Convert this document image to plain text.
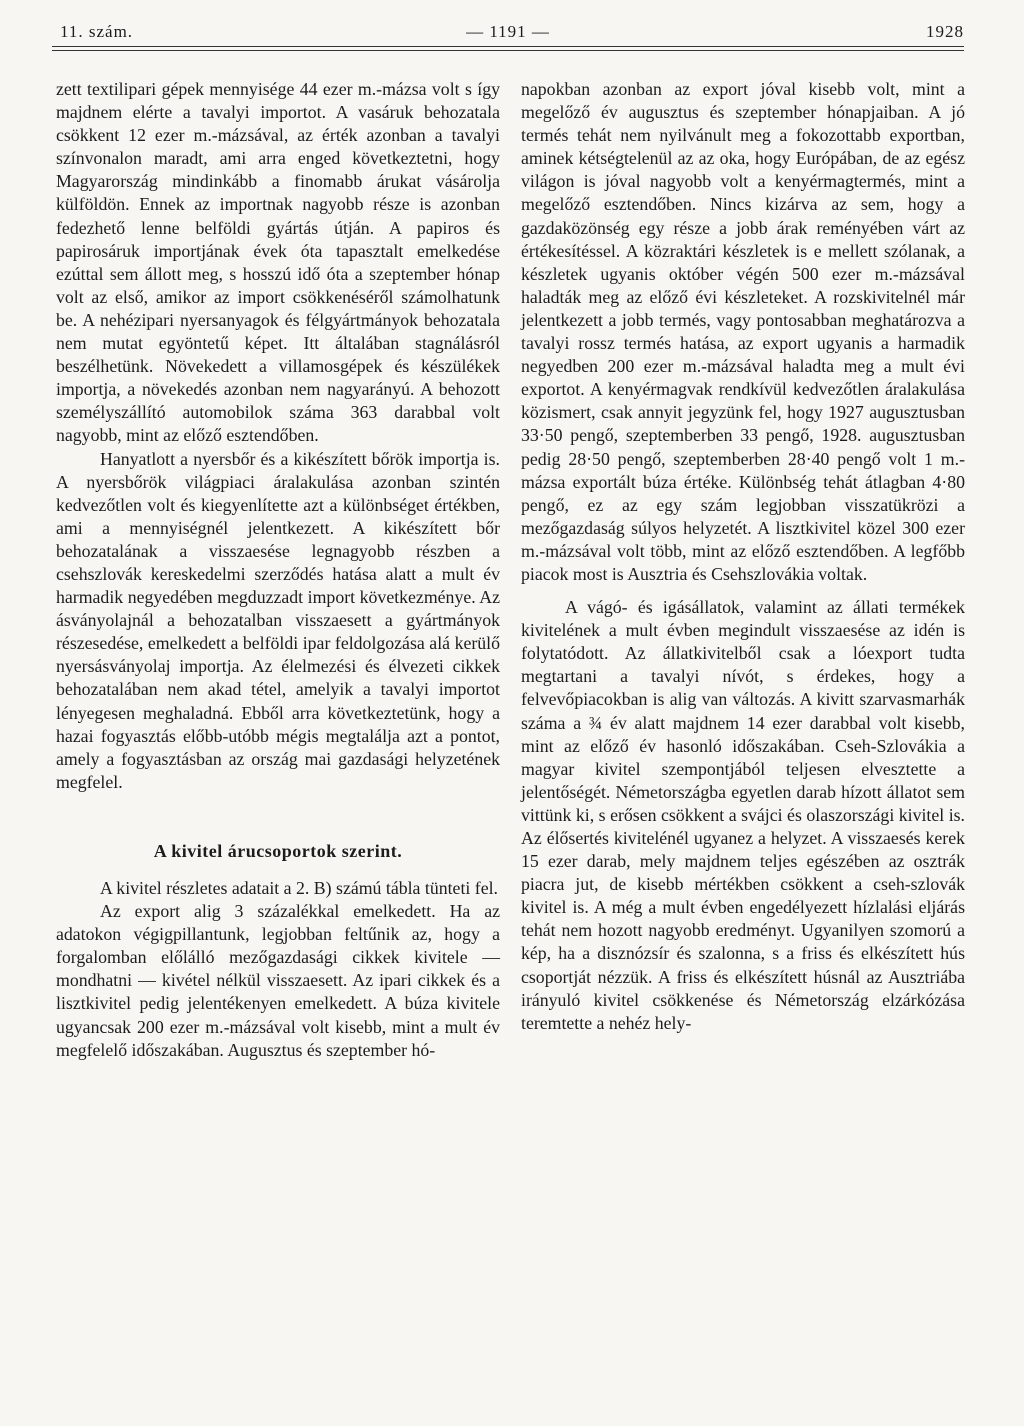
11. szám.	— 1191 —	1928

zett textilipari gépek mennyisége 44 ezer m.-mázsa volt s így majdnem elérte a tavalyi importot. A vasáruk behozatala csökkent 12 ezer m.-mázsával, az érték azonban a tavalyi színvonalon maradt, ami arra enged következtetni, hogy Magyarország mindinkább a finomabb árukat vásárolja külföldön. Ennek az importnak nagyobb része is azonban fedezhető lenne belföldi gyártás útján. A papiros és papirosáruk importjának évek óta tapasztalt emelkedése ezúttal sem állott meg, s hosszú idő óta a szeptember hónap volt az első, amikor az import csökkenéséről számolhatunk be. A nehézipari nyersanyagok és félgyártmányok behozatala nem mutat egyöntetű képet. Itt általában stagnálásról beszélhetünk. Növekedett a villamosgépek és készülékek importja, a növekedés azonban nem nagyarányú. A behozott személyszállító automobilok száma 363 darabbal volt nagyobb, mint az előző esztendőben.

Hanyatlott a nyersbőr és a kikészített bőrök importja is. A nyersbőrök világpiaci áralakulása azonban szintén kedvezőtlen volt és kiegyenlítette azt a különbséget értékben, ami a mennyiségnél jelentkezett. A kikészített bőr behozatalának a visszaesése legnagyobb részben a csehszlovák kereskedelmi szerződés hatása alatt a mult év harmadik negyedében megduzzadt import következménye. Az ásványolajnál a behozatalban visszaesett a gyártmányok részesedése, emelkedett a belföldi ipar feldolgozása alá kerülő nyersásványolaj importja. Az élelmezési és élvezeti cikkek behozatalában nem akad tétel, amelyik a tavalyi importot lényegesen meghaladná. Ebből arra következtetünk, hogy a hazai fogyasztás előbb-utóbb mégis megtalálja azt a pontot, amely a fogyasztásban az ország mai gazdasági helyzetének megfelel.

A kivitel árucsoportok szerint.

A kivitel részletes adatait a 2. B) számú tábla tünteti fel.

Az export alig 3 százalékkal emelkedett. Ha az adatokon végigpillantunk, legjobban feltűnik az, hogy a forgalomban előlálló mezőgazdasági cikkek kivitele — mondhatni — kivétel nélkül visszaesett. Az ipari cikkek és a lisztkivitel pedig jelentékenyen emelkedett. A búza kivitele ugyancsak 200 ezer m.-mázsával volt kisebb, mint a mult év megfelelő időszakában. Augusztus és szeptember hó-

napokban azonban az export jóval kisebb volt, mint a megelőző év augusztus és szeptember hónapjaiban. A jó termés tehát nem nyilvánult meg a fokozottabb exportban, aminek kétségtelenül az az oka, hogy Európában, de az egész világon is jóval nagyobb volt a kenyérmagtermés, mint a megelőző esztendőben. Nincs kizárva az sem, hogy a gazdaközönség egy része a jobb árak reményében várt az értékesítéssel. A közraktári készletek is e mellett szólanak, a készletek ugyanis október végén 500 ezer m.-mázsával haladták meg az előző évi készleteket. A rozskivitelnél már jelentkezett a jobb termés, vagy pontosabban meghatározva a tavalyi rossz termés hatása, az export ugyanis a harmadik negyedben 200 ezer m.-mázsával haladta meg a mult évi exportot. A kenyérmagvak rendkívül kedvezőtlen áralakulása közismert, csak annyit jegyzünk fel, hogy 1927 augusztusban 33·50 pengő, szeptemberben 33 pengő, 1928. augusztusban pedig 28·50 pengő, szeptemberben 28·40 pengő volt 1 m.-mázsa exportált búza értéke. Különbség tehát átlagban 4·80 pengő, ez az egy szám legjobban visszatükrözi a mezőgazdaság súlyos helyzetét. A lisztkivitel közel 300 ezer m.-mázsával volt több, mint az előző esztendőben. A legfőbb piacok most is Ausztria és Csehszlovákia voltak.

A vágó- és igásállatok, valamint az állati termékek kivitelének a mult évben megindult visszaesése az idén is folytatódott. Az állatkivitelből csak a lóexport tudta megtartani a tavalyi nívót, s érdekes, hogy a felvevőpiacokban is alig van változás. A kivitt szarvasmarhák száma a ¾ év alatt majdnem 14 ezer darabbal volt kisebb, mint az előző év hasonló időszakában. Cseh-Szlovákia a magyar kivitel szempontjából teljesen elvesztette a jelentőségét. Németországba egyetlen darab hízott állatot sem vittünk ki, s erősen csökkent a svájci és olaszországi kivitel is. Az élősertés kivitelénél ugyanez a helyzet. A visszaesés kerek 15 ezer darab, mely majdnem teljes egészében az osztrák piacra jut, de kisebb mértékben csökkent a cseh-szlovák kivitel is. A még a mult évben engedélyezett hízlalási eljárás tehát nem hozott nagyobb eredményt. Ugyanilyen szomorú a kép, ha a disznózsír és szalonna, s a friss és elkészített hús csoportját nézzük. A friss és elkészített húsnál az Ausztriába irányuló kivitel csökkenése és Németország elzárkózása teremtette a nehéz hely-
